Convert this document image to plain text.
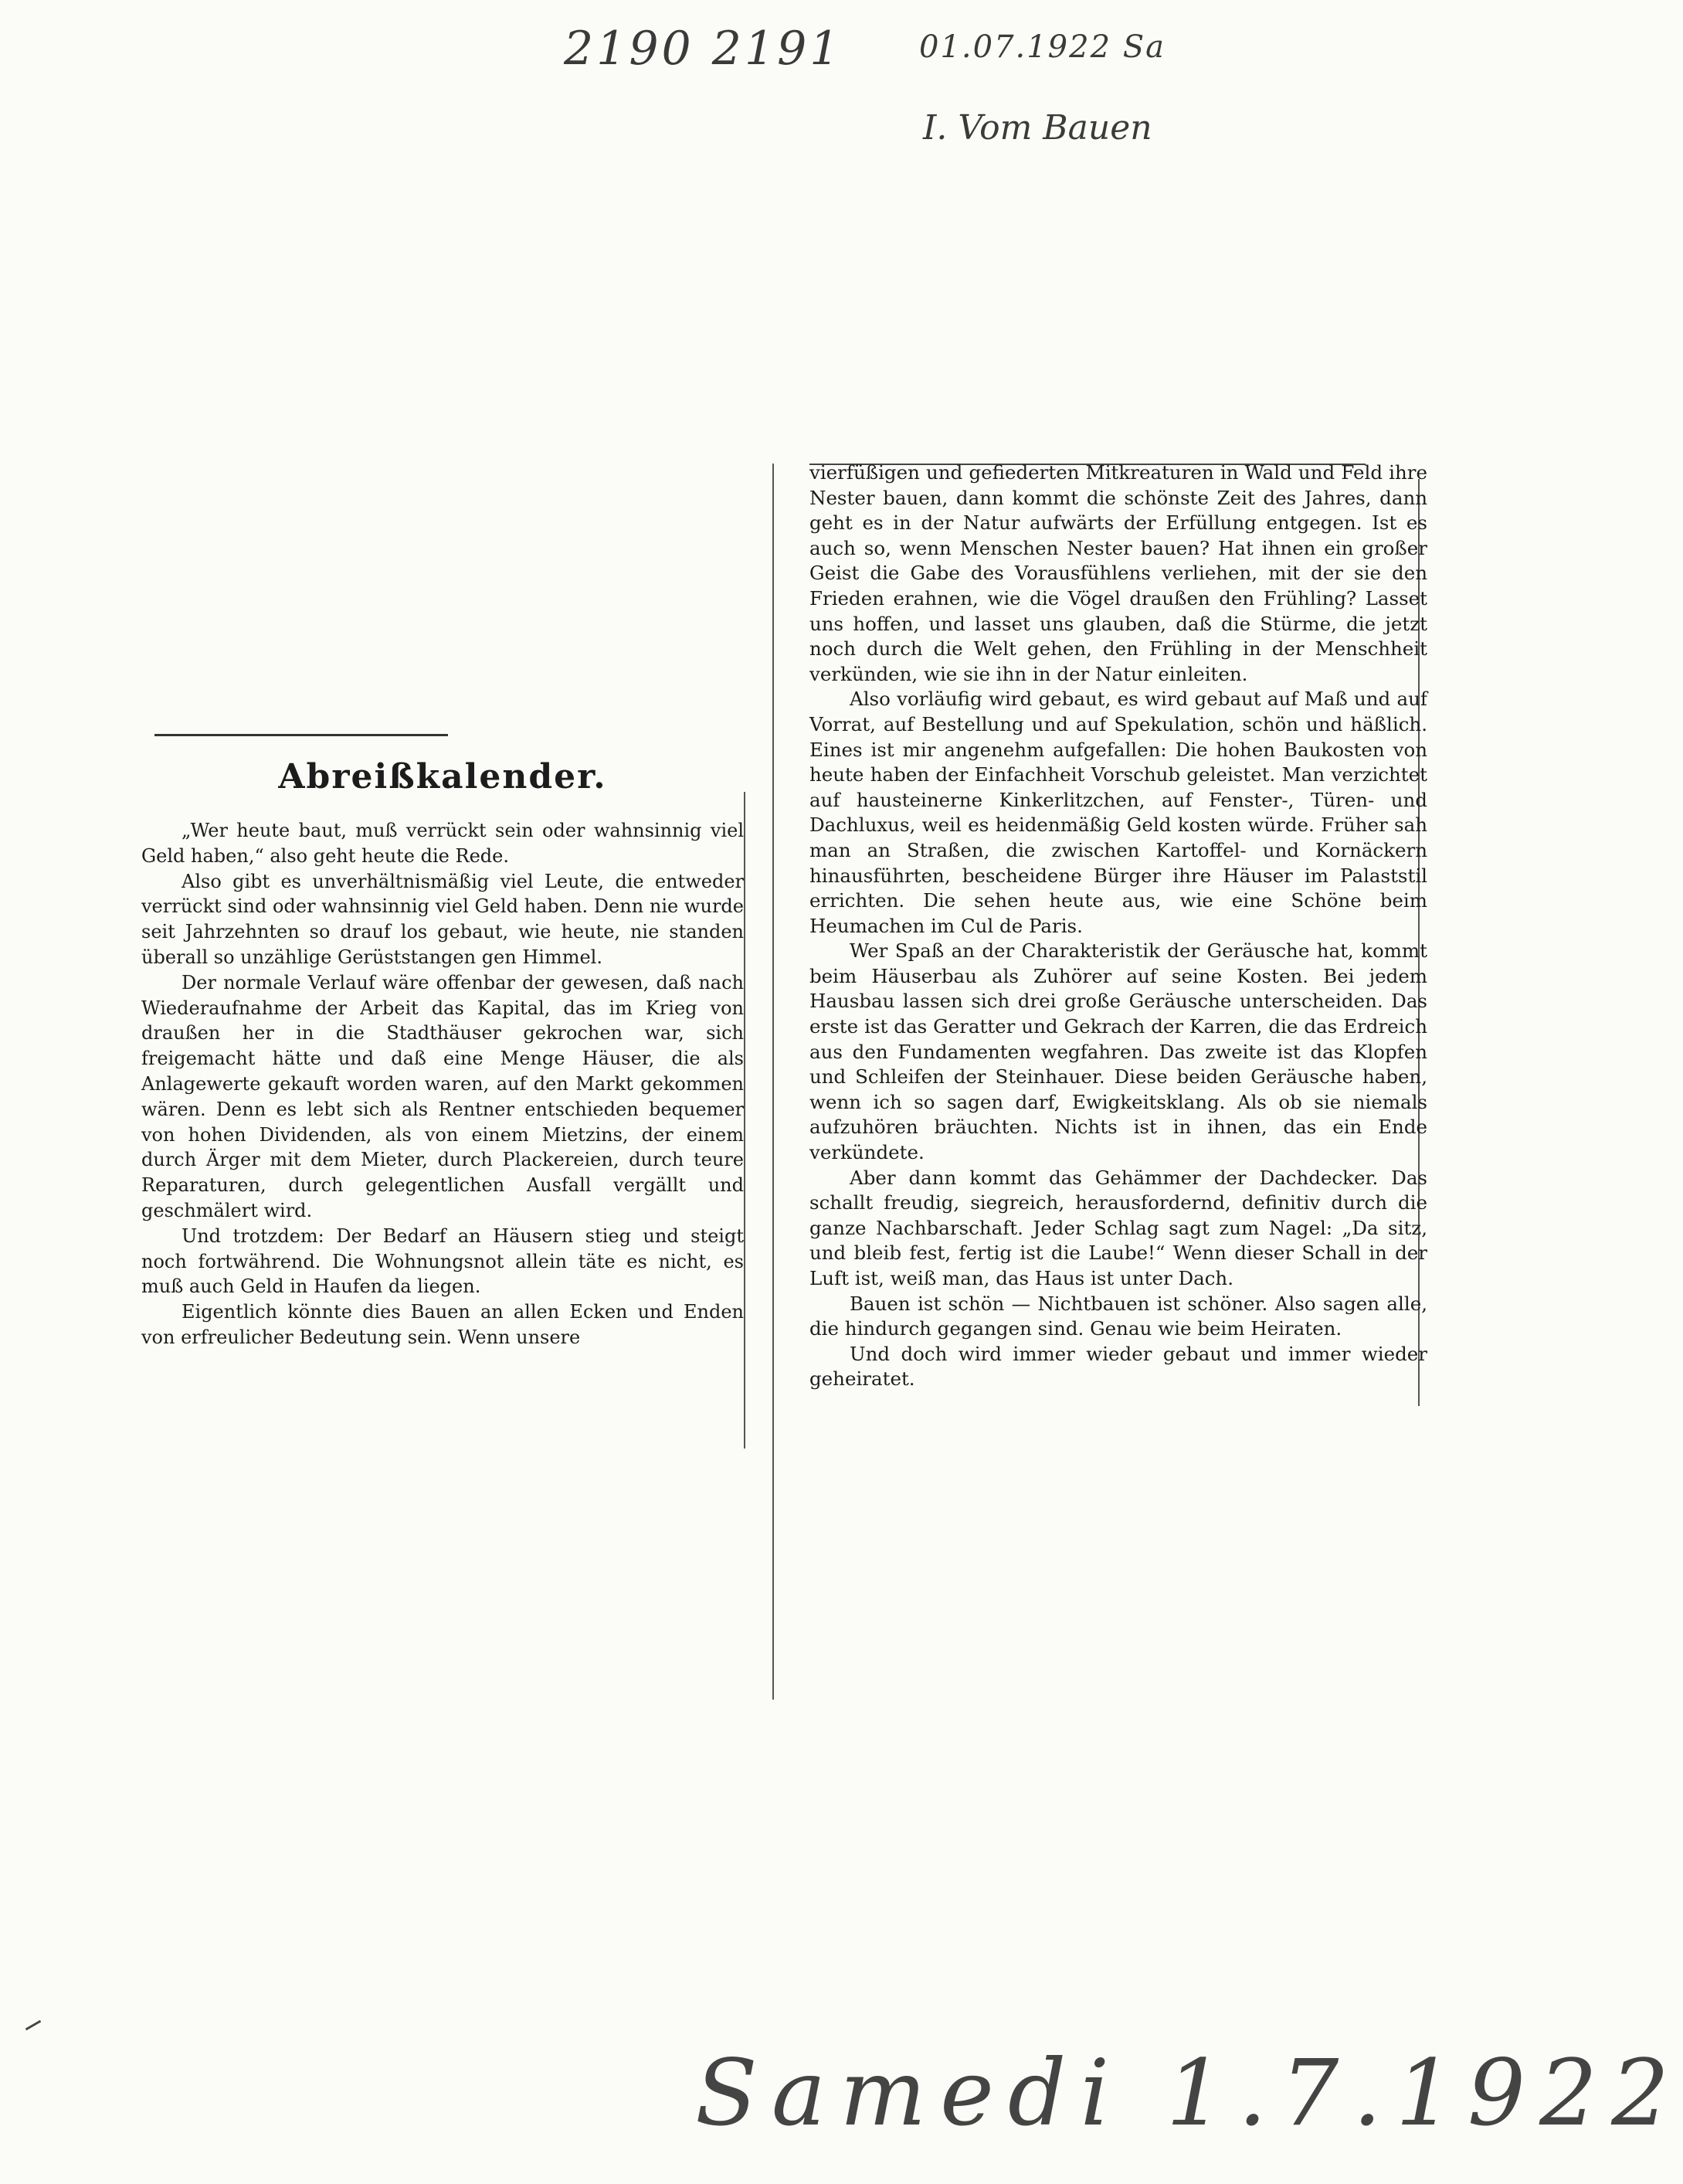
2190 2191 01.07.1922 Sa
I. Vom Bauen
Abreißkalender.

„Wer heute baut, muß verrückt sein oder wahnsinnig viel Geld haben,“ also geht heute die Rede.

Also gibt es unverhältnismäßig viel Leute, die entweder verrückt sind oder wahnsinnig viel Geld haben. Denn nie wurde seit Jahrzehnten so drauf los gebaut, wie heute, nie standen überall so unzählige Gerüststangen gen Himmel.

Der normale Verlauf wäre offenbar der gewesen, daß nach Wiederaufnahme der Arbeit das Kapital, das im Krieg von draußen her in die Stadthäuser gekrochen war, sich freigemacht hätte und daß eine Menge Häuser, die als Anlagewerte gekauft worden waren, auf den Markt gekommen wären. Denn es lebt sich als Rentner entschieden bequemer von hohen Dividenden, als von einem Mietzins, der einem durch Ärger mit dem Mieter, durch Plackereien, durch teure Reparaturen, durch gelegentlichen Ausfall vergällt und geschmälert wird.

Und trotzdem: Der Bedarf an Häusern stieg und steigt noch fortwährend. Die Wohnungsnot allein täte es nicht, es muß auch Geld in Haufen da liegen.

Eigentlich könnte dies Bauen an allen Ecken und Enden von erfreulicher Bedeutung sein. Wenn unsere

vierfüßigen und gefiederten Mitkreaturen in Wald und Feld ihre Nester bauen, dann kommt die schönste Zeit des Jahres, dann geht es in der Natur aufwärts der Erfüllung entgegen. Ist es auch so, wenn Menschen Nester bauen? Hat ihnen ein großer Geist die Gabe des Vorausfühlens verliehen, mit der sie den Frieden erahnen, wie die Vögel draußen den Frühling? Lasset uns hoffen, und lasset uns glauben, daß die Stürme, die jetzt noch durch die Welt gehen, den Frühling in der Menschheit verkünden, wie sie ihn in der Natur einleiten.

Also vorläufig wird gebaut, es wird gebaut auf Maß und auf Vorrat, auf Bestellung und auf Spekulation, schön und häßlich. Eines ist mir angenehm aufgefallen: Die hohen Baukosten von heute haben der Einfachheit Vorschub geleistet. Man verzichtet auf hausteinerne Kinkerlitzchen, auf Fenster-, Türen- und Dachluxus, weil es heidenmäßig Geld kosten würde. Früher sah man an Straßen, die zwischen Kartoffel- und Kornäckern hinausführten, bescheidene Bürger ihre Häuser im Palaststil errichten. Die sehen heute aus, wie eine Schöne beim Heumachen im Cul de Paris.

Wer Spaß an der Charakteristik der Geräusche hat, kommt beim Häuserbau als Zuhörer auf seine Kosten. Bei jedem Hausbau lassen sich drei große Geräusche unterscheiden. Das erste ist das Geratter und Gekrach der Karren, die das Erdreich aus den Fundamenten wegfahren. Das zweite ist das Klopfen und Schleifen der Steinhauer. Diese beiden Geräusche haben, wenn ich so sagen darf, Ewigkeitsklang. Als ob sie niemals aufzuhören bräuchten. Nichts ist in ihnen, das ein Ende verkündete.

Aber dann kommt das Gehämmer der Dachdecker. Das schallt freudig, siegreich, herausfordernd, definitiv durch die ganze Nachbarschaft. Jeder Schlag sagt zum Nagel: „Da sitz, und bleib fest, fertig ist die Laube!“ Wenn dieser Schall in der Luft ist, weiß man, das Haus ist unter Dach.

Bauen ist schön — Nichtbauen ist schöner. Also sagen alle, die hindurch gegangen sind. Genau wie beim Heiraten.

Und doch wird immer wieder gebaut und immer wieder geheiratet.

Samedi 1.7.1922
